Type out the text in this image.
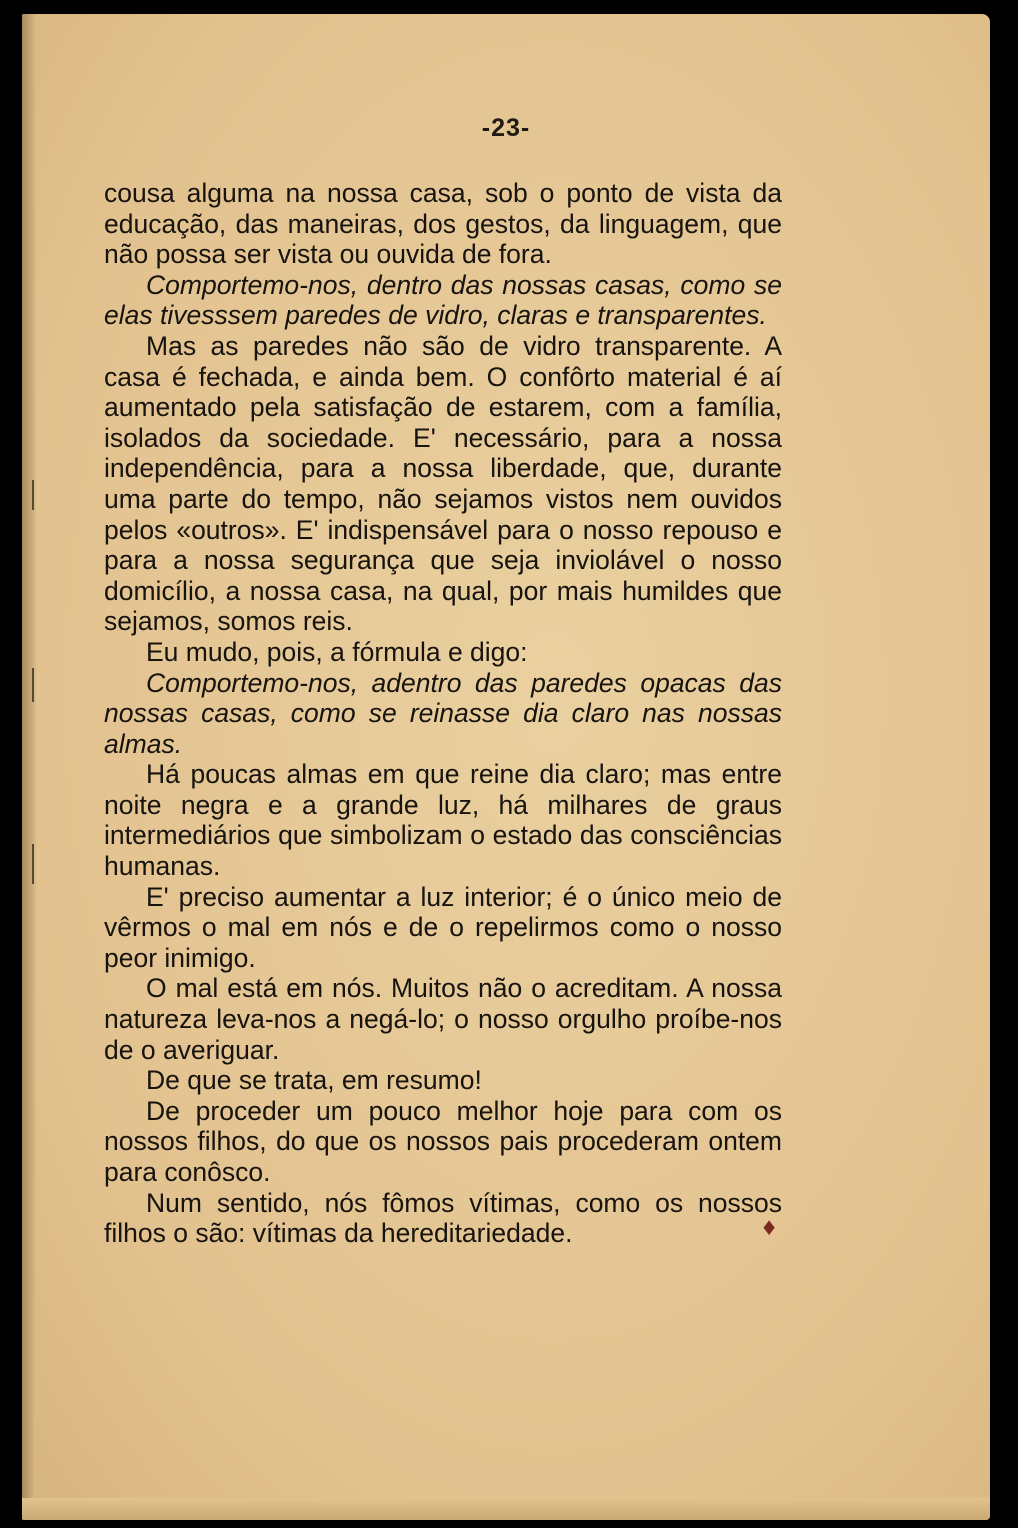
-23-

cousa alguma na nossa casa, sob o ponto de vista da educação, das maneiras, dos gestos, da linguagem, que não possa ser vista ou ouvida de fora.

Comportemo-nos, dentro das nossas casas, como se elas tivesssem paredes de vidro, claras e transparentes.

Mas as paredes não são de vidro transparente. A casa é fechada, e ainda bem. O confôrto material é aí aumentado pela satisfação de estarem, com a família, isolados da sociedade. E' necessário, para a nossa independência, para a nossa liberdade, que, durante uma parte do tempo, não sejamos vistos nem ouvidos pelos «outros». E' indispensável para o nosso repouso e para a nossa segurança que seja inviolável o nosso domicílio, a nossa casa, na qual, por mais humildes que sejamos, somos reis.

Eu mudo, pois, a fórmula e digo:

Comportemo-nos, adentro das paredes opacas das nossas casas, como se reinasse dia claro nas nossas almas.

Há poucas almas em que reine dia claro; mas entre noite negra e a grande luz, há milhares de graus intermediários que simbolizam o estado das consciências humanas.

E' preciso aumentar a luz interior; é o único meio de vêrmos o mal em nós e de o repelirmos como o nosso peor inimigo.

O mal está em nós. Muitos não o acreditam. A nossa natureza leva-nos a negá-lo; o nosso orgulho proíbe-nos de o averiguar.

De que se trata, em resumo!

De proceder um pouco melhor hoje para com os nossos filhos, do que os nossos pais procederam ontem para conôsco.

Num sentido, nós fômos vítimas, como os nossos filhos o são: vítimas da hereditariedade.	♦
